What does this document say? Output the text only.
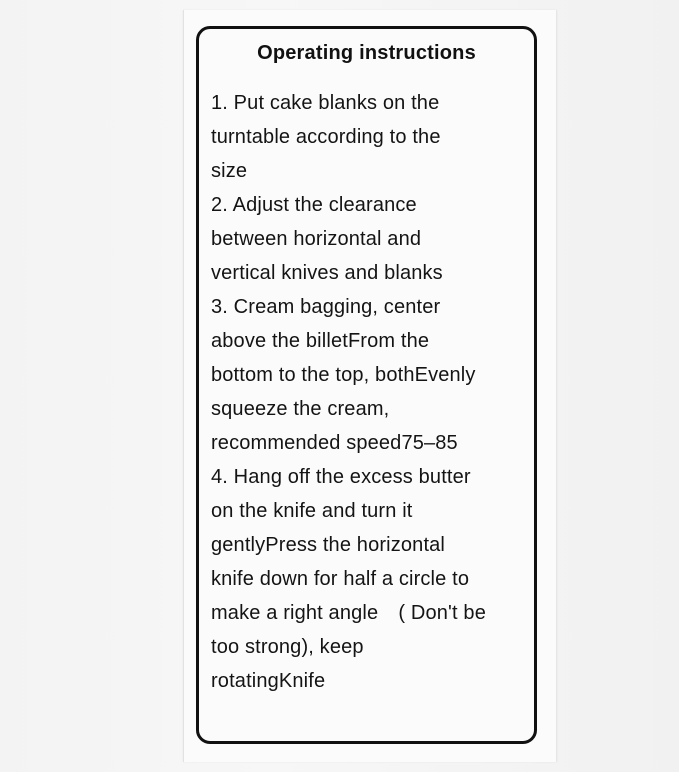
Operating instructions
1. Put cake blanks on the
turntable according to the
size
2. Adjust the clearance
between horizontal and
vertical knives and blanks
3. Cream bagging, center
above the billetFrom the
bottom to the top, bothEvenly
squeeze the cream,
recommended speed75–85
4. Hang off the excess butter
on the knife and turn it
gentlyPress the horizontal
knife down for half a circle to
make a right angle　( Don't be
too strong), keep
rotatingKnife
